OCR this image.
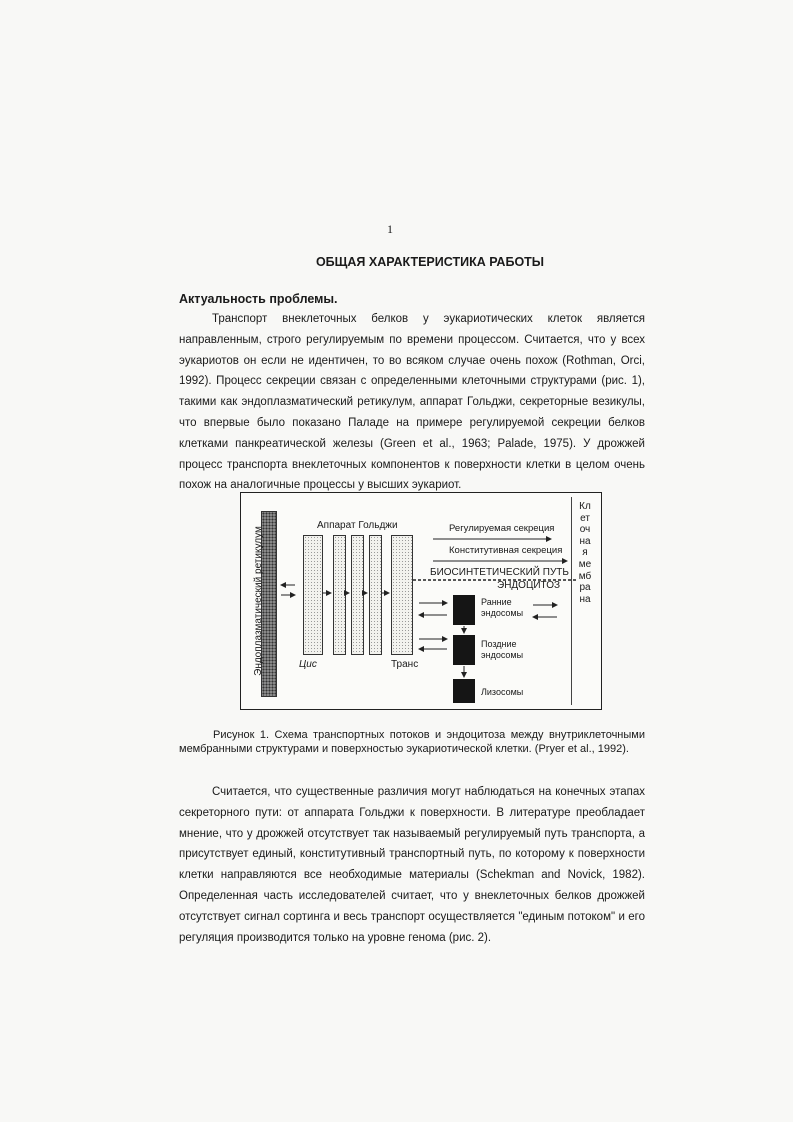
1
ОБЩАЯ ХАРАКТЕРИСТИКА РАБОТЫ
Актуальность проблемы.

Транспорт внеклеточных белков у эукариотических клеток является направленным, строго регулируемым по времени процессом. Считается, что у всех эукариотов он если не идентичен, то во всяком случае очень похож (Rothman, Orci, 1992). Процесс секреции связан с определенными клеточными структурами (рис. 1), такими как эндоплазматический ретикулум, аппарат Гольджи, секреторные везикулы, что впервые было показано Паладе на примере регулируемой секреции белков клетками панкреатической железы (Green et al., 1963; Palade, 1975). У дрожжей процесс транспорта внеклеточных компонентов к поверхности клетки в целом очень похож на аналогичные процессы у высших эукариот.

Эндоплазматический ретикулум
Аппарат Гольджи
Цис	Транс
Регулируемая секреция
Конститутивная секреция
БИОСИНТЕТИЧЕСКИЙ ПУТЬ
ЭНДОЦИТОЗ
Ранние
эндосомы
Поздние
эндосомы
Лизосомы
Клеточная мембрана

Рисунок 1. Схема транспортных потоков и эндоцитоза между внутриклеточными мембранными структурами и поверхностью эукариотической клетки. (Pryer et al., 1992).

Считается, что существенные различия могут наблюдаться на конечных этапах секреторного пути: от аппарата Гольджи к поверхности. В литературе преобладает мнение, что у дрожжей отсутствует так называемый регулируемый путь транспорта, а присутствует единый, конститутивный транспортный путь, по которому к поверхности клетки направляются все необходимые материалы (Schekman and Novick, 1982). Определенная часть исследователей считает, что у внеклеточных белков дрожжей отсутствует сигнал сортинга и весь транспорт осуществляется "единым потоком" и его регуляция производится только на уровне генома (рис. 2).
